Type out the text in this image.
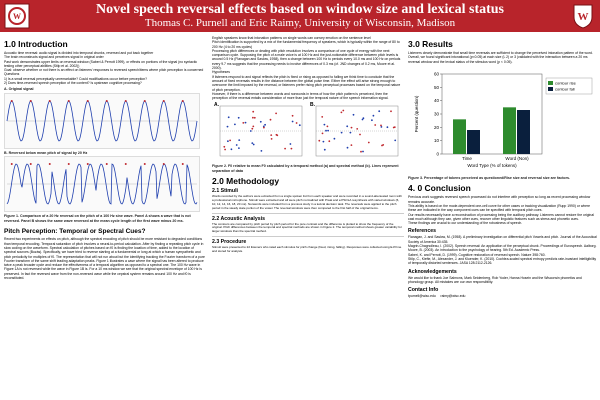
W	Novel speech reversal effects based on window size and lexical status
Thomas C. Purnell and Eric Raimy, University of Wisconsin, Madison	W
1.0 Introduction
Acoustic time reversal: audio signal is divided into temporal chunks, reversed and put back together
The brain reconstructs signal and perceives signal in original order
Past work demonstrates upper limits on reversal window (Saberi & Perrott 1999), or effects on portions of the signal (no syntactic testing other perceptual abilities (Stilp et al. 2002))
Goal: observe whether or not there is an effect on listeners' responses to reversed speech/items where pitch perception is concerned
Questions
1) Is a small reversal perceptually unremarkable? Could modifications occur before perception?
2) Does time-reversed speech perception of the content? Is upstream cognitive processing?
A. Original signal
B. Reversed below mean pitch of signal by 20 Hz

Figure 1. Comparison of a 20 Hz reversal on the pitch of a 100 Hz sine wave. Panel A shows a wave that is not reversed. Panel B shows the same wave reversed at the mean cycle length of the first wave minus 20 ms.

Pitch Perception: Temporal or Spectral Cues?

Recent two experiments on effects on pitch, although the spectral encoding of pitch should be more resistant to degraded conditions than temporal encoding. Temporal saturation of pitch involves a neural-to-period calculation. After by finding a repeating pitch cycle in slow coding on the waveform. Spectral calculation of pitches based on f0 is finding the location of time, added to the location of spectral sources (Buzás). Specifically, we have tried to reverse starting at a fundamental or long at which a human sympathetic and pitch periodicity for multiples of f0. The representation that will not run about but the identifying tracking the Fourier transform of a pure Fourier transform of the same shift leading adaptation peaks. Figure 1 illustrates a case where the signal has been altered to produce twice a peak broader cycle and reduce the effectiveness of a temporal algorithm as opposed to a spectral one. The 100 Hz wave in Figure 1A is not reversed while the wave in Figure 1B is. For a 10 ms window we see that the original spectral envelope of 100 Hz is preserved. In fact the reversed wave from the non-reversed wave while the cepstral system remains around 100 Hz and f0 is reconstituted.

English speakers know that intonation patterns on single words can convey emotion on the sentence level
Pitch identification is supported by a mix of the fundamental frequency of speakers, which is typically within the range of 80 to 200 Hz (4 to 20 ms cycles)
Processing pitch differences or dealing with pitch resolution involves a comparison of one cycle of energy with the next comparison cycle. Supposing the pitch of a male voice is at 100 Hz and the just-noticeable difference between pitch levels is around 0.5 Hz (Flanagan and Saslow, 1958), then a change between 100 Hz to periods every 10.0 ms and 100 Hz on periods every 9.7 ms suggests that the processing needs to involve differences of 0.3 ms (cf. JND changes of 0.2 ms, Moore et al. 2000).
Hypotheses
If listeners respond to and signal reflects the pitch is fixed or rising as opposed to falling we think time to conclude that the amount of fixed reversals results in the distance between the glottal pulse time. Either the effect will arise strong enough to overcome the limit imposed by the reversal, or listeners prefer rising pitch perceptual processes based on the temporal nature of pitch perception.
However, if there is a difference between words and nonwords in terms of how the pitch pattern is perceived, then the perception of the reversal entails consideration of more than just the temporal nature of the speech information signal.
A.	B.

Figure 2. F0 relative to mean F0 calculated by a temporal method (a) and spectral method (b). Lines represent separation of data

2.0 Methodology
2.1 Stimuli

Words recorded by the authors were extracted from a single spoken list from each speaker and were recorded in a sound-attenuated room with a professional microphone. Stimuli were extracted and all were pitch normalized with Praat and a PSOLA resynthesis with varied windows (6, 10, 12, 14, 16, 18, 20 ms). Nonwords were included from a previous study in a lexical decision task. The reversals were applied to the pitch period in the steady state portion of the vowel. The reversal windows were then compared to the first half of the original items.

2.2 Acoustic Analysis

The contours are compared by pitch period by pitch period for the pure contrast and the difference is plotted to show the frequency of the original. Pitch differences between the temporal and spectral methods are shown in Figure 2. The temporal method shows greater variability for larger windows than the spectral method.

2.3 Procedure

Stimuli were presented to 22 listeners who rated each stimulus for pitch change (fixed, rising, falling). Responses were collected using E-Prime and stored for analysis.

3.0 Results

Listeners clearly demonstrate that small time reversals are sufficient to change the perceived intonation pattern of the word. Overall, we found significant intonational (p<0.05) at each size (L 2) or 3 (validated with the interaction between a 20 ms reversal window and the lexical status of the stimulus word (p < 0.05).

0
10
20
30
40
50
60
Percent (question)
Time	Word (Non)
Word Type (% of tokens)
contour rise
contour fall

Figure 3. Percentage of tokens perceived as questioned/Rise size and reversal size are factors.

4. 0 Conclusion
Previous work suggests reversed speech processed do not interfere with perception so long as recent processing window remains accurate.
This ability is based on the mode-dependent one-cell curve for other cases or tracking visualization (Rupp 1990) or where these are indicated in the way component cues can be specified with temporal pitch cues.
Our results necessarily have a reconstruction of processing being the auditory pathway. Listeners cannot restore the original cast much although they can, given other cues, recover other linguistic features such as stress and phonetic cues.
These findings are crucial to our understanding of the robustness of speech.
References
Flanagan, J. and Saslow, M. (1958). A preliminary investigation on differential pitch Vowels and pitch. Journal of the Acoustical Society of America 30:435.
Magrin-Chagnolleau, I. (2002). Speech reversal: An application of the perceptual chunk. Proceedings of Eurospeech. Aalborg.
Moore, B. (2003). An introduction to the psychology of hearing. 5th Ed. Academic Press.
Saberi, K. and Perrott, D. (1999). Cognitive restoration of reversed speech. Nature 398:760.
Stilp, C., Kiefte, M., Alexander, J. and Kluender, K. (2010). Cochlea-scaled spectral entropy predicts rate-invariant intelligibility of temporally distorted sentences. JASA 128:2112-2126.
Acknowledgements

We would like to thank Joe Salmons, Mark Seidenberg, Rob Yoder, Hanna Hosein and the Wisconsin phonetics and phonology group. All mistakes are our own responsibility.

Contact Info

tpurnell@wisc.edu raimy@wisc.edu
